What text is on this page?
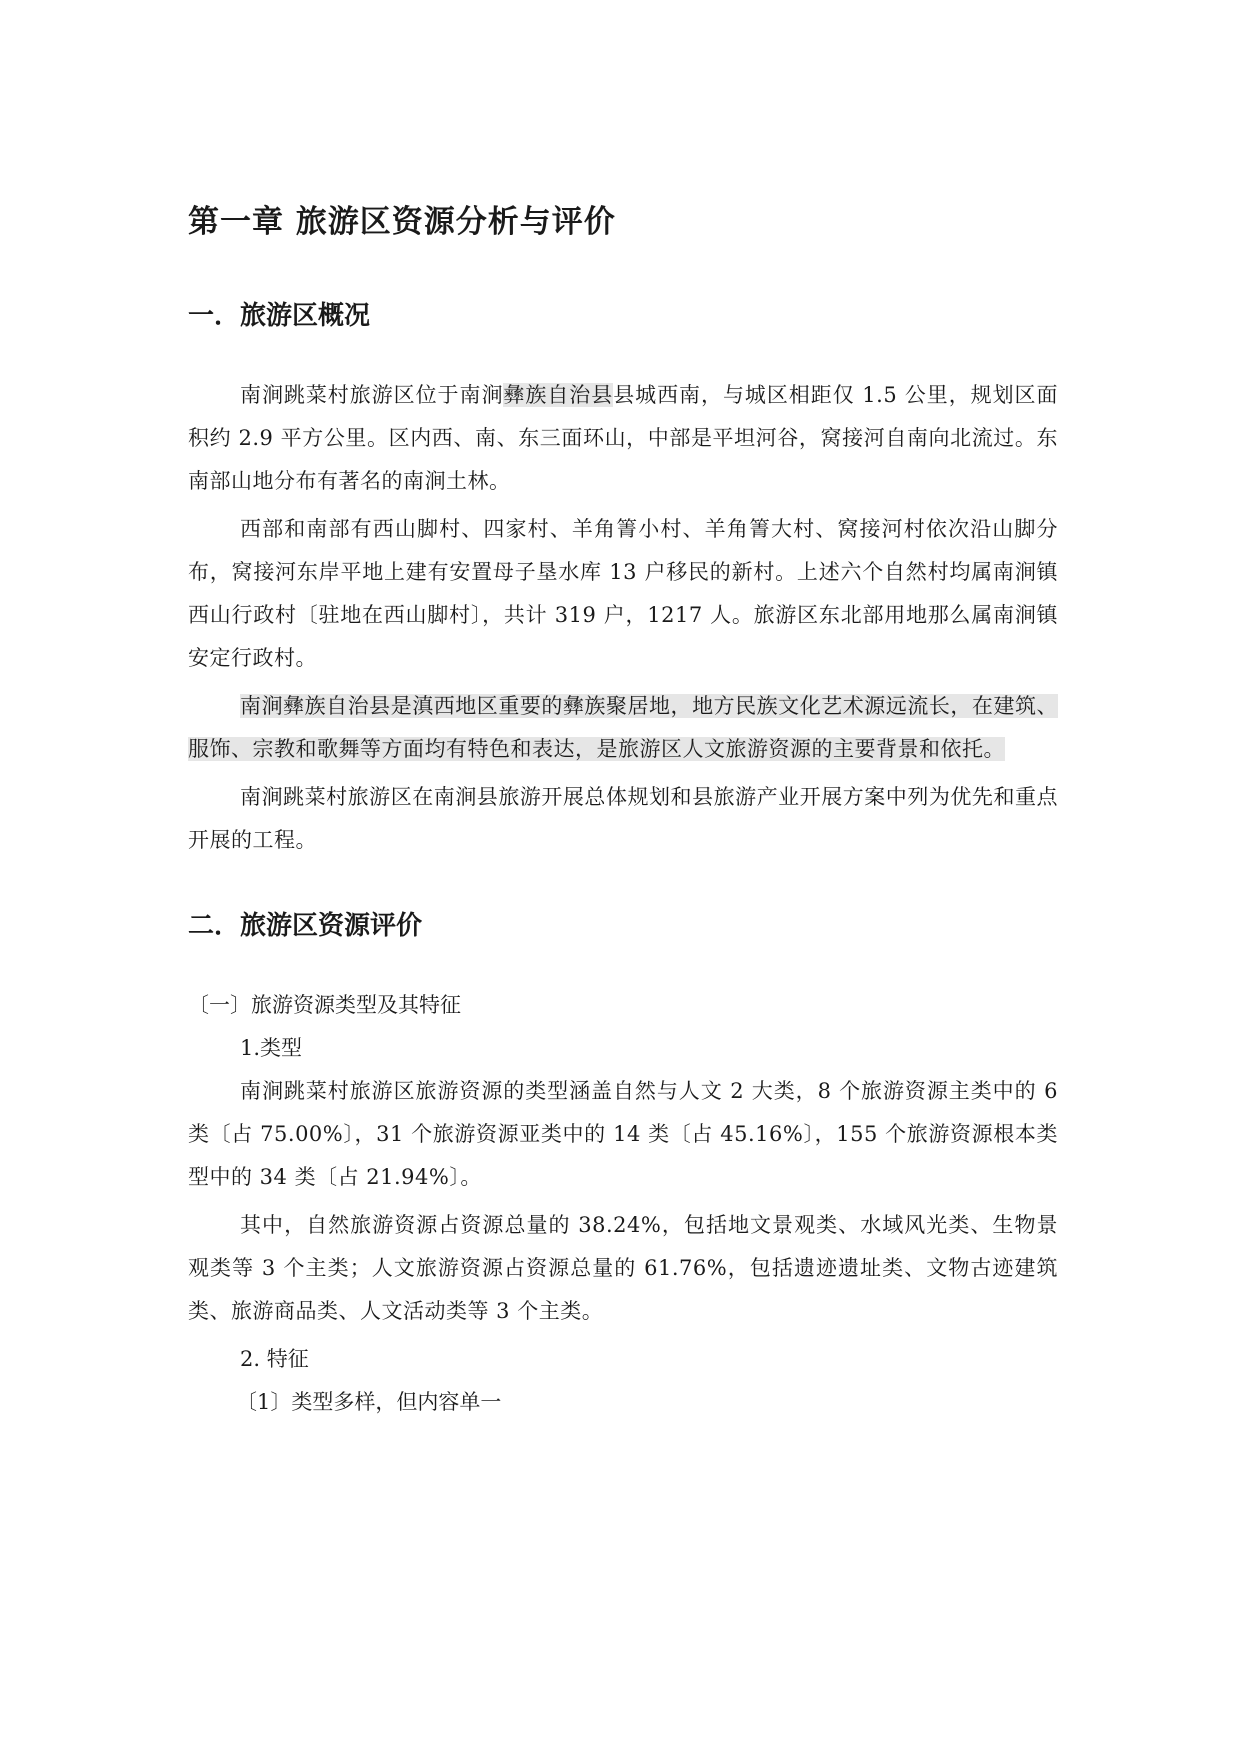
第一章 旅游区资源分析与评价
一．旅游区概况

南涧跳菜村旅游区位于南涧彝族自治县县城西南，与城区相距仅 1.5 公里，规划区面积约 2.9 平方公里。区内西、南、东三面环山，中部是平坦河谷，窝接河自南向北流过。东南部山地分布有著名的南涧土林。

西部和南部有西山脚村、四家村、羊角箐小村、羊角箐大村、窝接河村依次沿山脚分布，窝接河东岸平地上建有安置母子垦水库 13 户移民的新村。上述六个自然村均属南涧镇西山行政村〔驻地在西山脚村〕，共计 319 户，1217 人。旅游区东北部用地那么属南涧镇安定行政村。

南涧彝族自治县是滇西地区重要的彝族聚居地，地方民族文化艺术源远流长，在建筑、服饰、宗教和歌舞等方面均有特色和表达，是旅游区人文旅游资源的主要背景和依托。

南涧跳菜村旅游区在南涧县旅游开展总体规划和县旅游产业开展方案中列为优先和重点开展的工程。

二．旅游区资源评价
〔一〕旅游资源类型及其特征
1.类型

南涧跳菜村旅游区旅游资源的类型涵盖自然与人文 2 大类，8 个旅游资源主类中的 6 类〔占 75.00%〕，31 个旅游资源亚类中的 14 类〔占 45.16%〕，155 个旅游资源根本类型中的 34 类〔占 21.94%〕。

其中，自然旅游资源占资源总量的 38.24%，包括地文景观类、水域风光类、生物景观类等 3 个主类；人文旅游资源占资源总量的 61.76%，包括遗迹遗址类、文物古迹建筑类、旅游商品类、人文活动类等 3 个主类。

2. 特征
〔1〕类型多样，但内容单一
